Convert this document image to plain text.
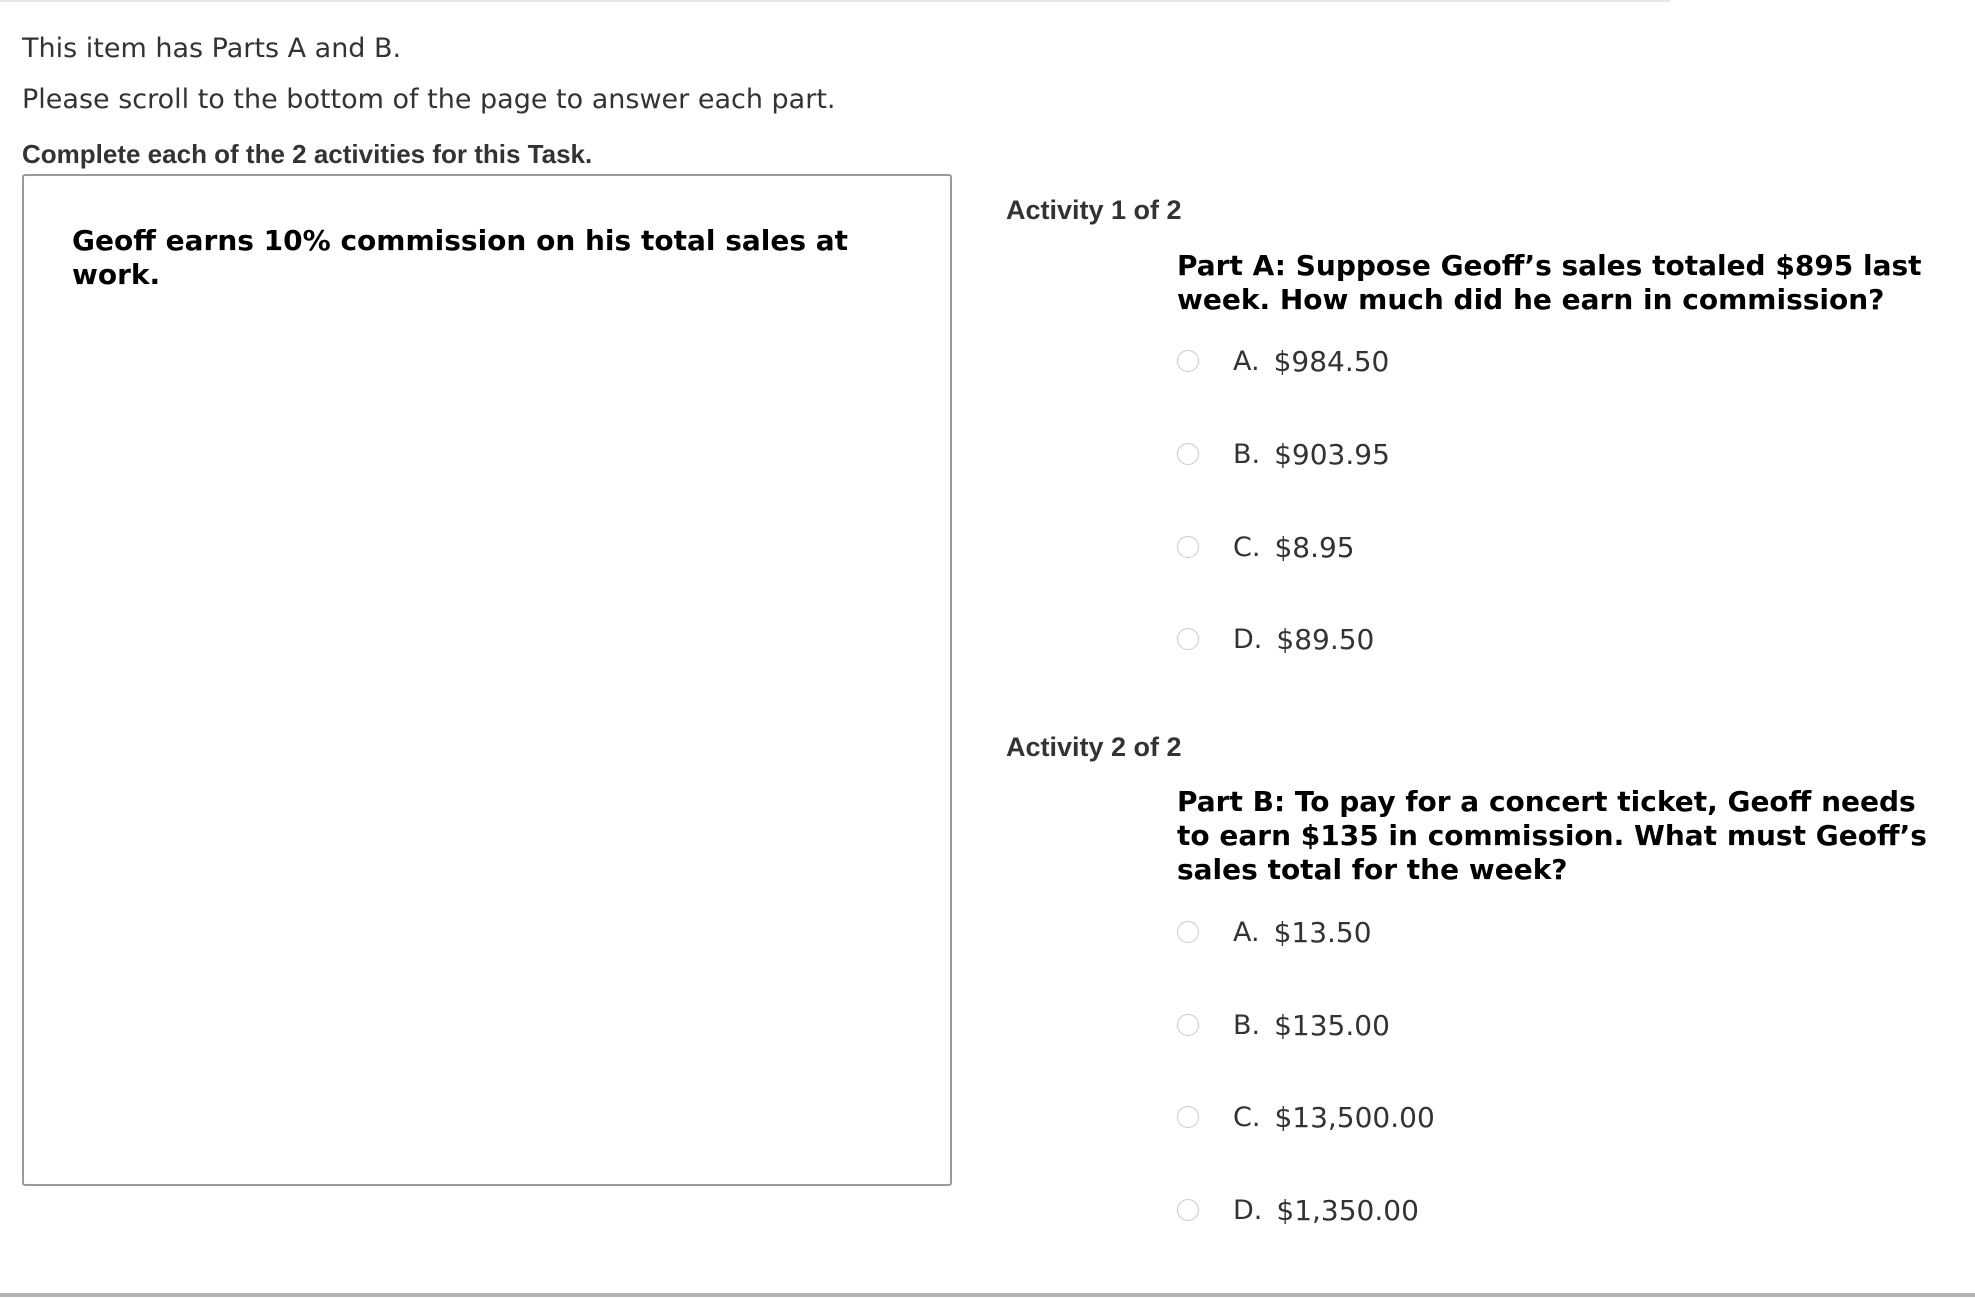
This item has Parts A and B.
Please scroll to the bottom of the page to answer each part.
Complete each of the 2 activities for this Task.
Geoff earns 10% commission on his total sales at work.
Activity 1 of 2
Part A: Suppose Geoff’s sales totaled $895 last week. How much did he earn in commission?
A. $984.50
B. $903.95
C. $8.95
D. $89.50
Activity 2 of 2
Part B: To pay for a concert ticket, Geoff needs to earn $135 in commission. What must Geoff’s sales total for the week?
A. $13.50
B. $135.00
C. $13,500.00
D. $1,350.00
